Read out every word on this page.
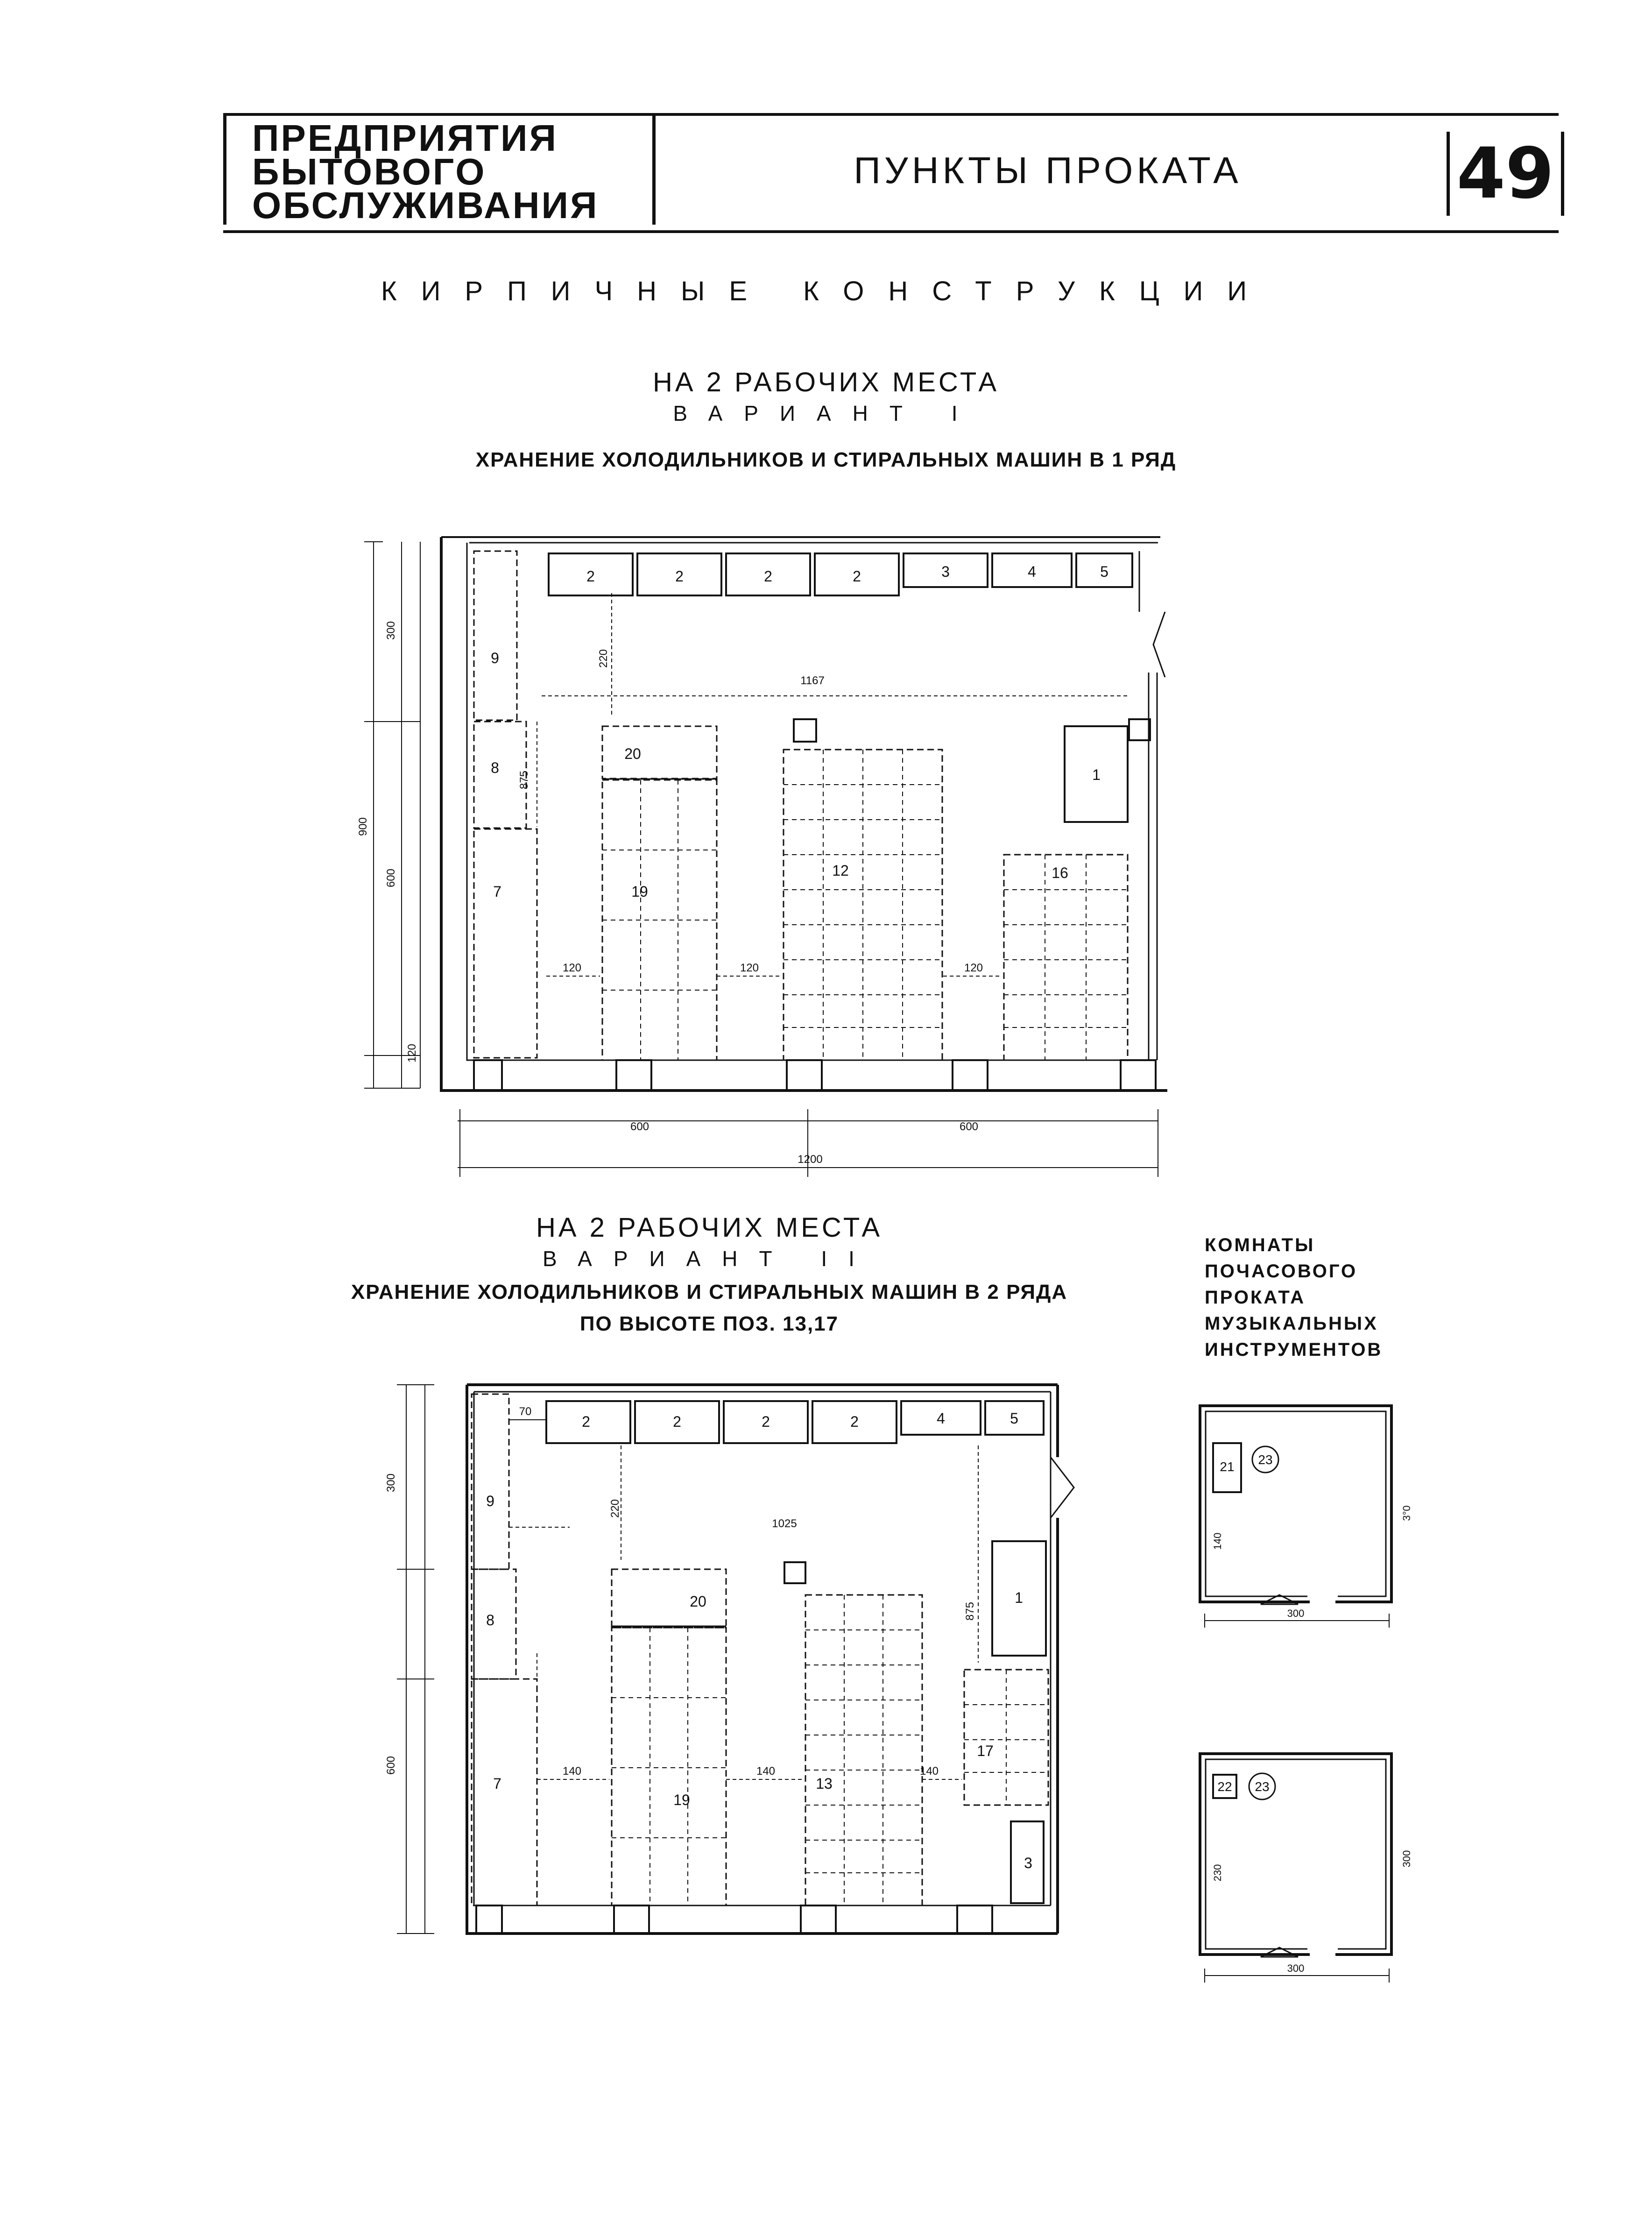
ПРЕДПРИЯТИЯ
БЫТОВОГО
ОБСЛУЖИВАНИЯ
ПУНКТЫ ПРОКАТА	49
КИРПИЧНЫЕ КОНСТРУКЦИИ
НА 2 РАБОЧИХ МЕСТА
ВАРИАНТ I
ХРАНЕНИЕ ХОЛОДИЛЬНИКОВ И СТИРАЛЬНЫХ МАШИН В 1 РЯД
2	2	2	2	3	4	5
9
8
7
20
19
12	16
1
300
600
900
120
875
220
1167
120	120	120
600	600
1200
НА 2 РАБОЧИХ МЕСТА
ВАРИАНТ II
ХРАНЕНИЕ ХОЛОДИЛЬНИКОВ И СТИРАЛЬНЫХ МАШИН В 2 РЯДА
ПО ВЫСОТЕ ПОЗ. 13,17
КОМНАТЫ
ПОЧАСОВОГО
ПРОКАТА
МУЗЫКАЛЬНЫХ
ИНСТРУМЕНТОВ
2	2	2	2	4	5
9
8
7
20
19
13
17
1
3
300
600
70
220
1025
875
140	140	140
21 23
3°0
140
300
22 23
300
230
300
